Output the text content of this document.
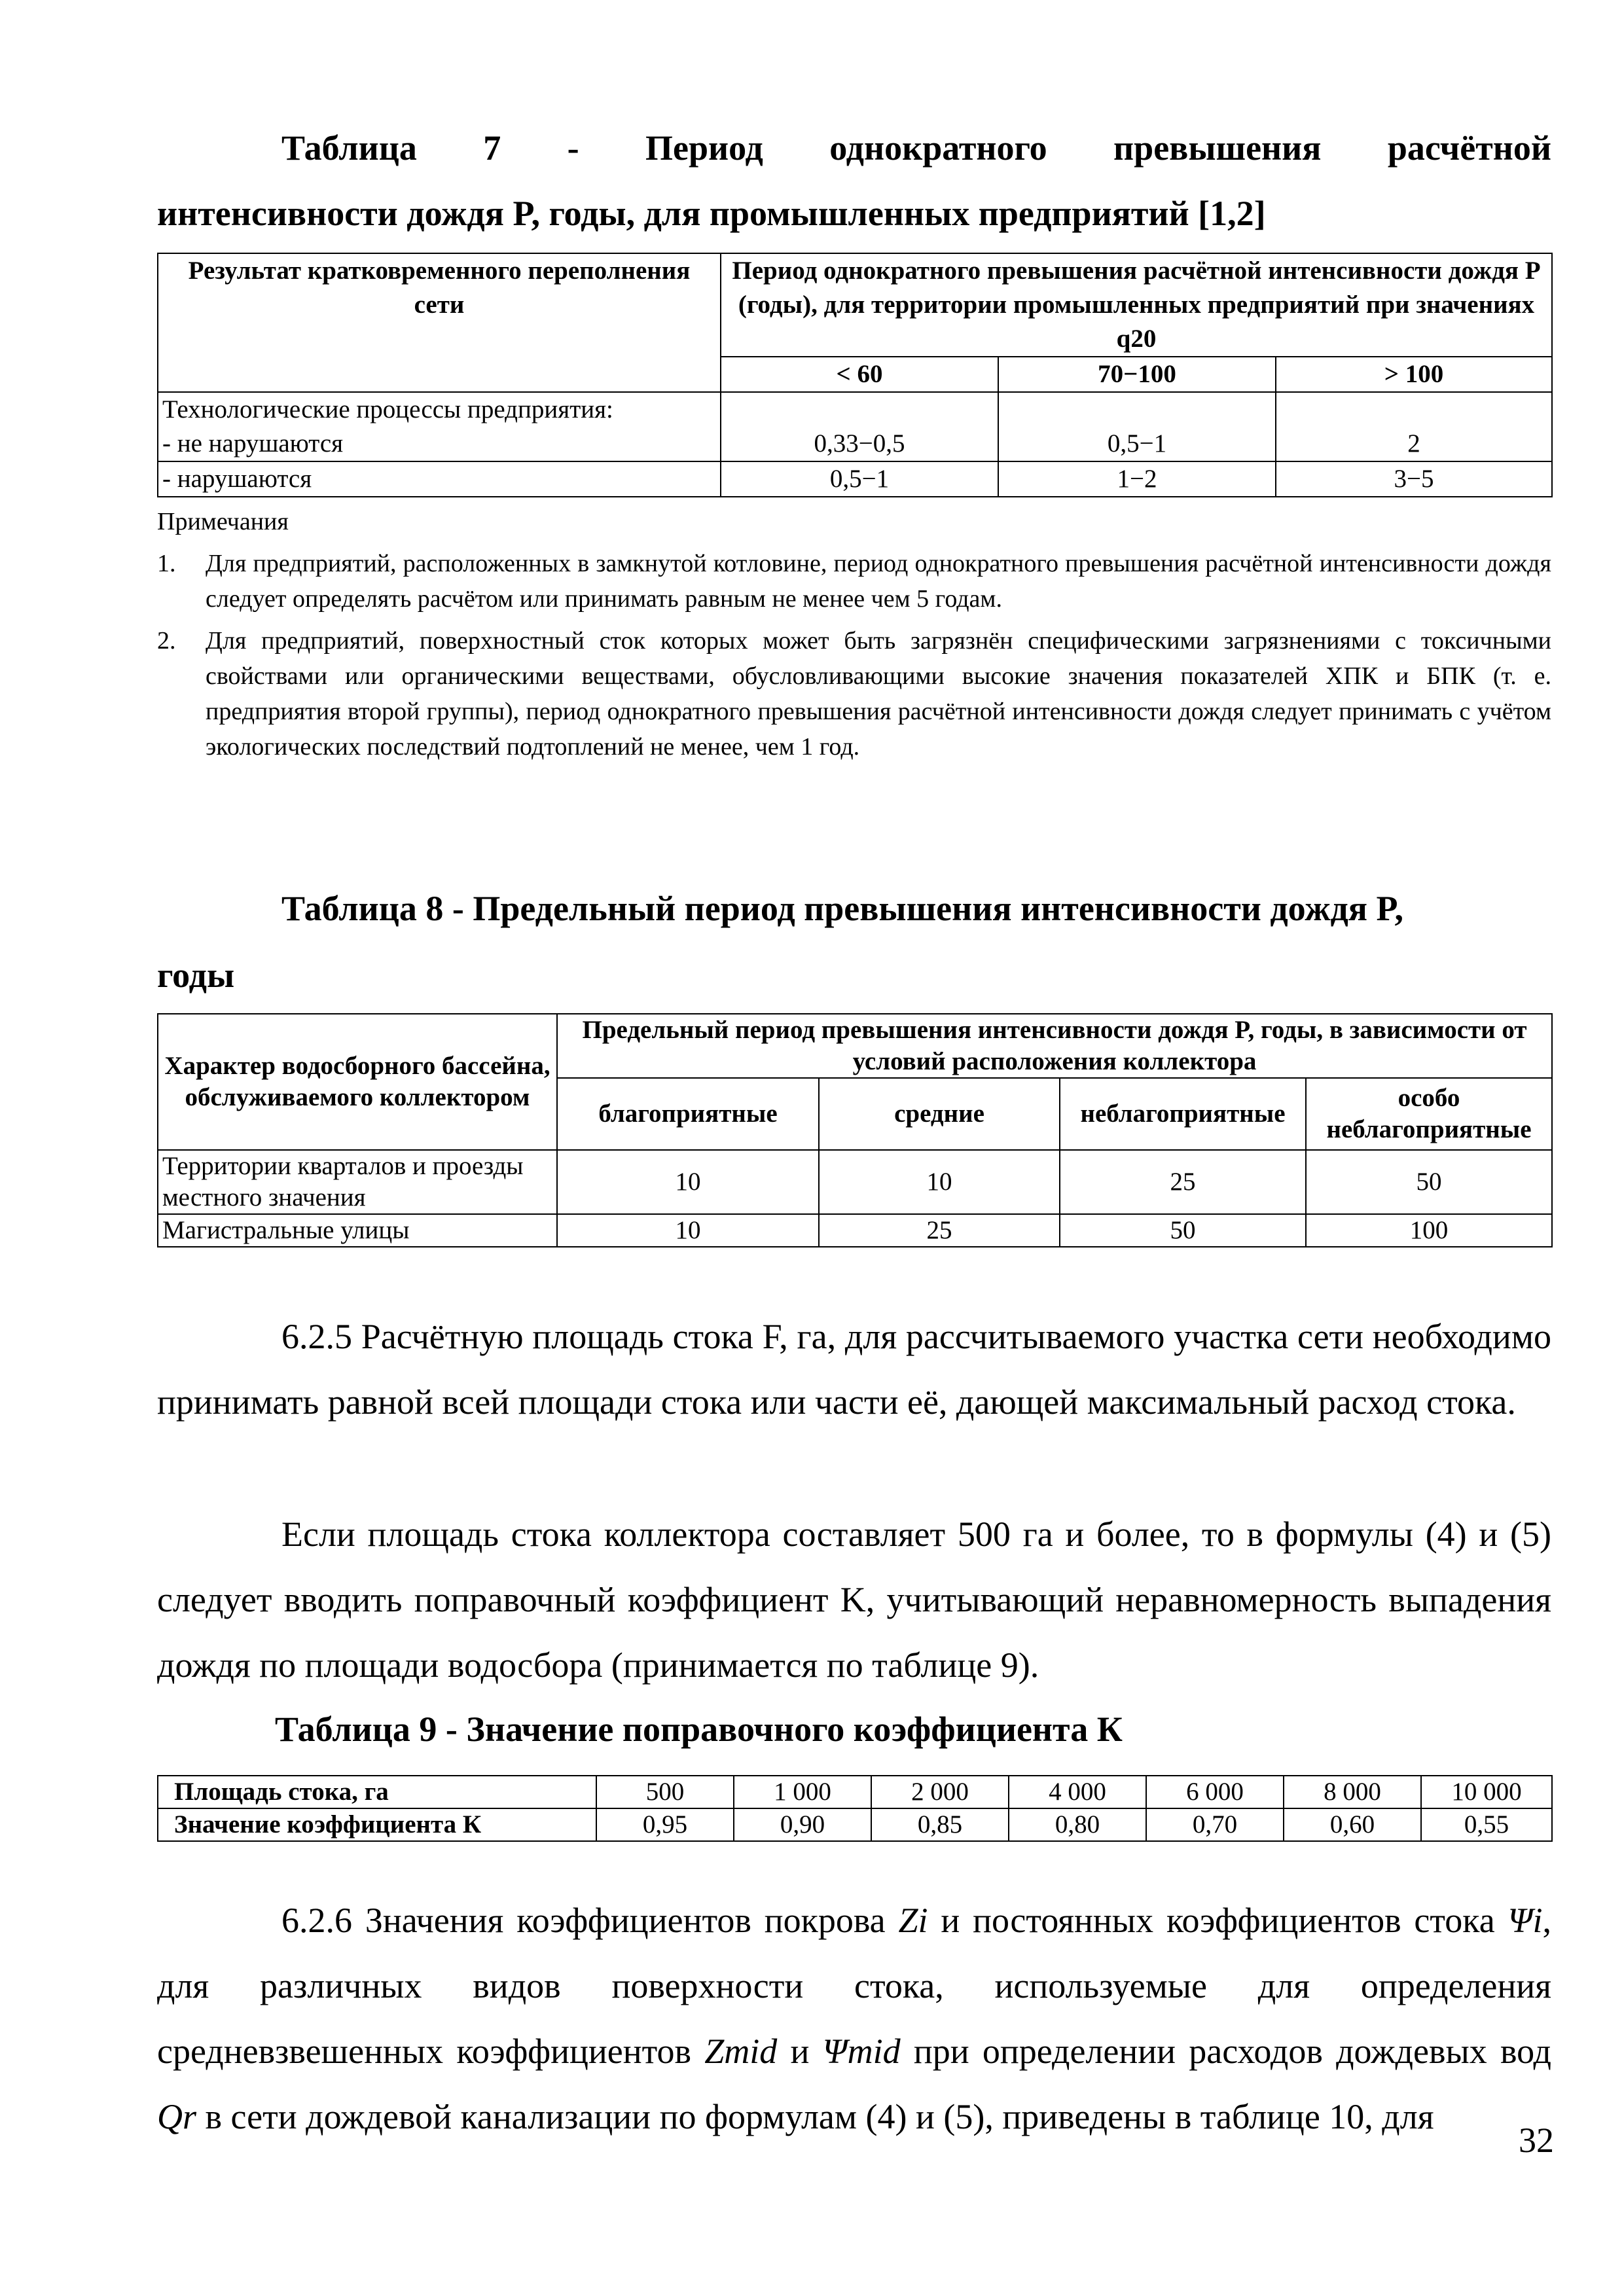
Таблица 7 - Период однократного превышения расчётной
интенсивности дождя P, годы, для промышленных предприятий [1,2]
Результат кратковременного переполнения сети	Период однократного превышения расчётной интенсивности дождя P (годы), для территории промышленных предприятий при значениях q20		
	< 60	70−100	> 100

Технологические процессы предприятия:
- не нарушаются	0,33−0,5	0,5−1	2
- нарушаются	0,5−1	1−2	3−5

Примечания

1.	Для предприятий, расположенных в замкнутой котловине, период однократного превышения расчётной интенсивности дождя следует определять расчётом или принимать равным не менее чем 5 годам.
2.	Для предприятий, поверхностный сток которых может быть загрязнён специфическими загрязнениями с токсичными свойствами или органическими веществами, обусловливающими высокие значения показателей ХПК и БПК (т. е. предприятия второй группы), период однократного превышения расчётной интенсивности дождя следует принимать с учётом экологических последствий подтоплений не менее, чем 1 год.
Таблица 8 - Предельный период превышения интенсивности дождя P,
годы
Характер водосборного бассейна, обслуживаемого коллектором	Предельный период превышения интенсивности дождя P, годы, в зависимости от условий расположения коллектора			
	благоприятные	средние	неблагоприятные	особо неблагоприятные
Территории кварталов и проезды местного значения	10	10	25	50
Магистральные улицы	10	25	50	100

6.2.5 Расчётную площадь стока F, га, для рассчитываемого участка сети необходимо принимать равной всей площади стока или части её, дающей максимальный расход стока.

Если площадь стока коллектора составляет 500 га и более, то в формулы (4) и (5) следует вводить поправочный коэффициент K, учитывающий неравномерность выпадения дождя по площади водосбора (принимается по таблице 9).

Таблица 9 - Значение поправочного коэффициента К
Площадь стока, га	500	1 000	2 000	4 000	6 000	8 000	10 000
Значение коэффициента К	0,95	0,90	0,85	0,80	0,70	0,60	0,55

6.2.6 Значения коэффициентов покрова Zi и постоянных коэффициентов стока Ψi, для различных видов поверхности стока, используемые для определения средневзвешенных коэффициентов Zmid и Ψmid при определении расходов дождевых вод Qr в сети дождевой канализации по формулам (4) и (5), приведены в таблице 10, для

32
